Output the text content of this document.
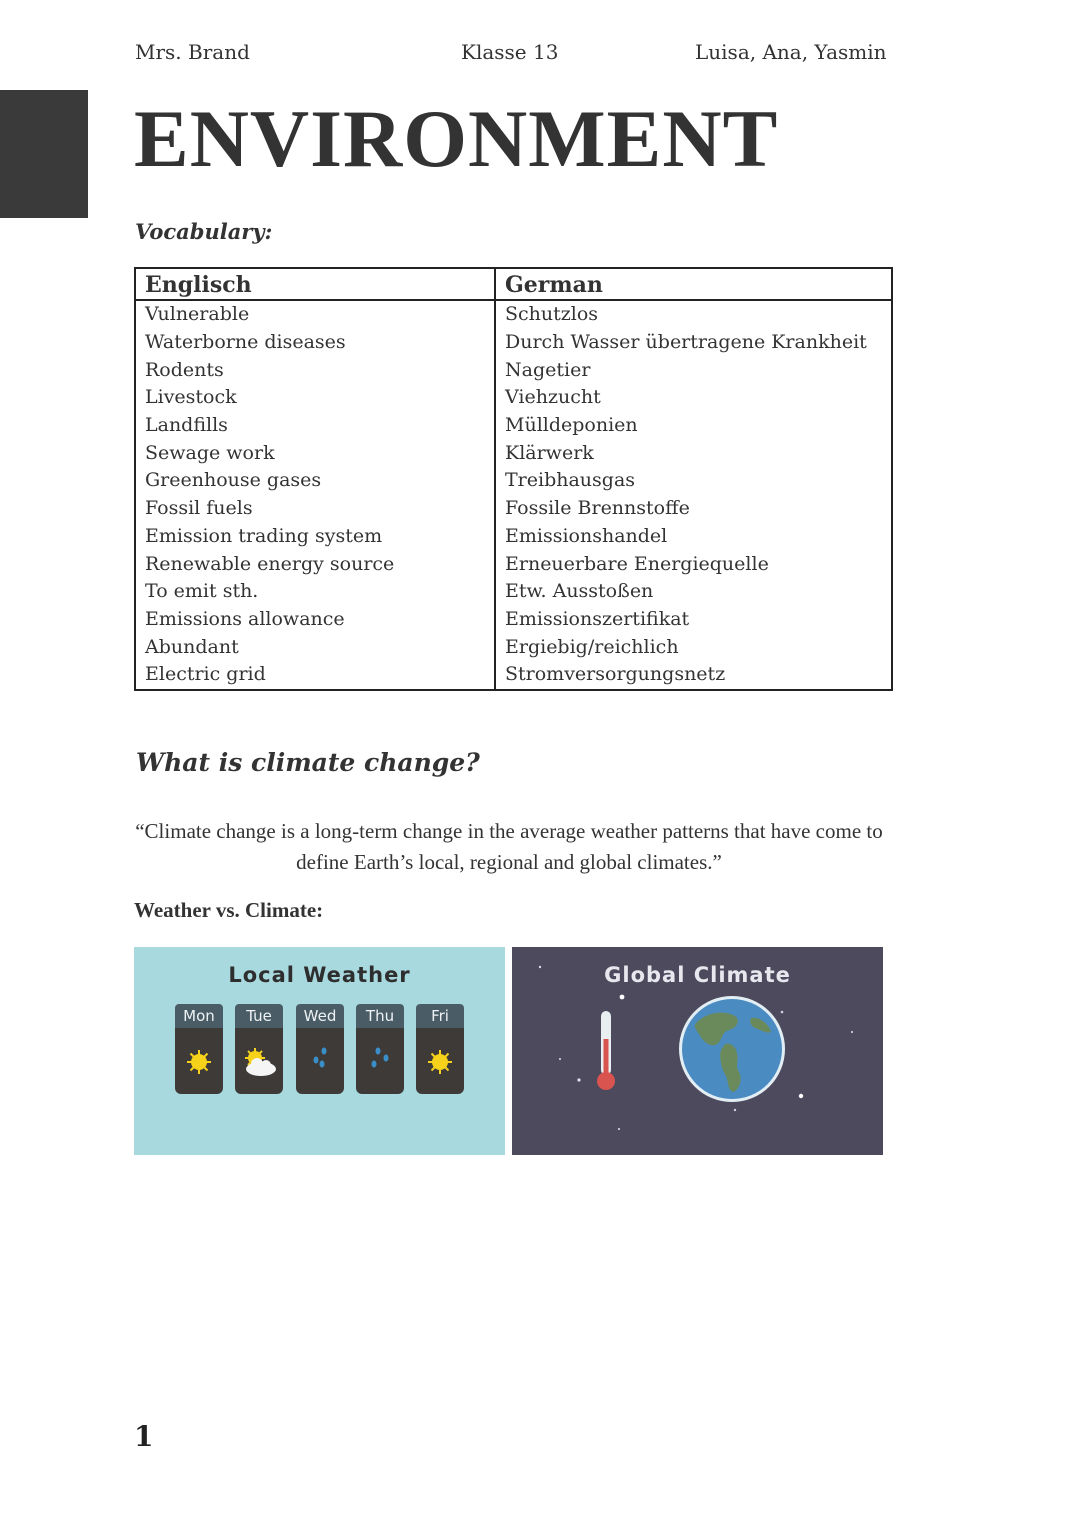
Mrs. Brand	Klasse 13	Luisa, Ana, Yasmin
ENVIRONMENT
Vocabulary:
Englisch	German
Vulnerable	Schutzlos
Waterborne diseases	Durch Wasser übertragene Krankheit
Rodents	Nagetier
Livestock	Viehzucht
Landfills	Mülldeponien
Sewage work	Klärwerk
Greenhouse gases	Treibhausgas
Fossil fuels	Fossile Brennstoffe
Emission trading system	Emissionshandel
Renewable energy source	Erneuerbare Energiequelle
To emit sth.	Etw. Ausstoßen
Emissions allowance	Emissionszertifikat
Abundant	Ergiebig/reichlich
Electric grid	Stromversorgungsnetz
What is climate change?
“Climate change is a long-term change in the average weather patterns that have come to define Earth’s local, regional and global climates.”
Weather vs. Climate:
Local Weather
Mon	Tue	Wed	Thu	Fri
Global Climate
1
